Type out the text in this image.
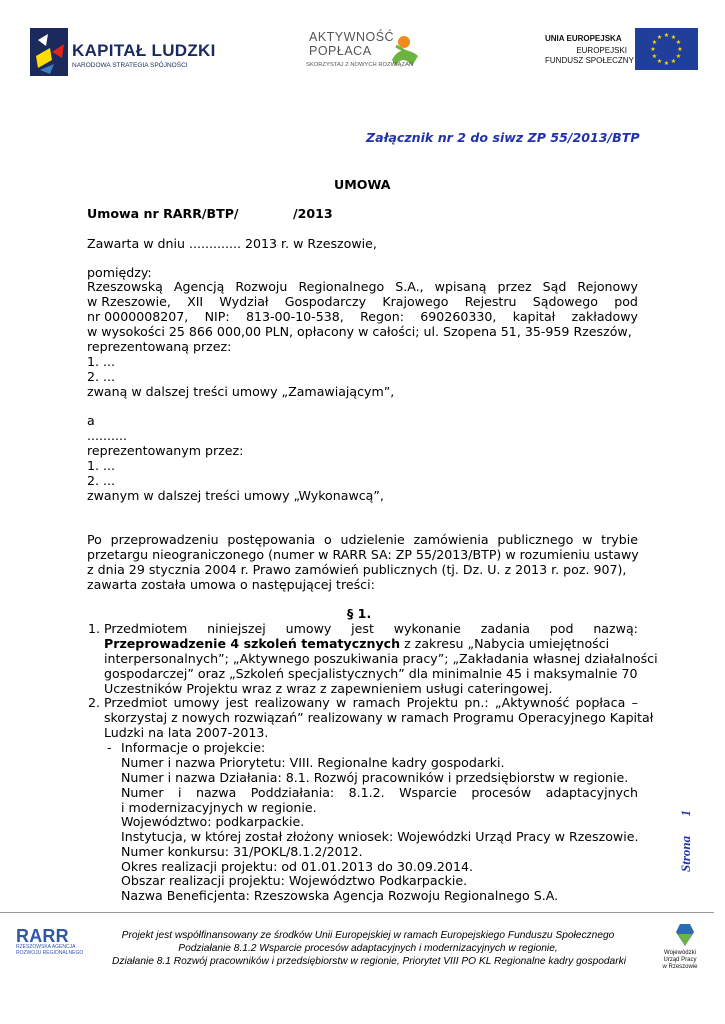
KAPITAŁ LUDZKI
NARODOWA STRATEGIA SPÓJNOŚCI
AKTYWNOŚĆ
POPŁACA
SKORZYSTAJ Z NOWYCH ROZWIĄZAŃ
UNIA EUROPEJSKA
EUROPEJSKI
FUNDUSZ SPOŁECZNY
★ ★
★
★
★
★
★
★
★
★
★
★
Załącznik nr 2 do siwz ZP 55/2013/BTP
UMOWA
Umowa nr RARR/BTP/	/2013
Zawarta w dniu ............. 2013 r. w Rzeszowie,
pomiędzy:
Rzeszowską Agencją Rozwoju Regionalnego S.A., wpisaną przez Sąd Rejonowy
w Rzeszowie, XII Wydział Gospodarczy Krajowego Rejestru Sądowego pod
nr 0000008207, NIP: 813-00-10-538, Regon: 690260330, kapitał zakładowy
w wysokości 25 866 000,00 PLN, opłacony w całości; ul. Szopena 51, 35-959 Rzeszów,
reprezentowaną przez:
1. ...
2. ...
zwaną w dalszej treści umowy „Zamawiającym”,
a
..........
reprezentowanym przez:
1. ...
2. ...
zwanym w dalszej treści umowy „Wykonawcą”,
Po przeprowadzeniu postępowania o udzielenie zamówienia publicznego w trybie
przetargu nieograniczonego (numer w RARR SA: ZP 55/2013/BTP) w rozumieniu ustawy
z dnia 29 stycznia 2004 r. Prawo zamówień publicznych (tj. Dz. U. z 2013 r. poz. 907),
zawarta została umowa o następującej treści:
§ 1.
1. Przedmiotem niniejszej umowy jest wykonanie zadania pod nazwą:
Przeprowadzenie 4 szkoleń tematycznych z zakresu „Nabycia umiejętności
interpersonalnych”; „Aktywnego poszukiwania pracy”; „Zakładania własnej działalności
gospodarczej” oraz „Szkoleń specjalistycznych” dla minimalnie 45 i maksymalnie 70
Uczestników Projektu wraz z wraz z zapewnieniem usługi cateringowej.
2. Przedmiot umowy jest realizowany w ramach Projektu pn.: „Aktywność popłaca –
skorzystaj z nowych rozwiązań” realizowany w ramach Programu Operacyjnego Kapitał
Ludzki na lata 2007-2013.
- Informacje o projekcie:
Numer i nazwa Priorytetu: VIII. Regionalne kadry gospodarki.
Numer i nazwa Działania: 8.1. Rozwój pracowników i przedsiębiorstw w regionie.
Numer i nazwa Poddziałania: 8.1.2. Wsparcie procesów adaptacyjnych
i modernizacyjnych w regionie.
Województwo: podkarpackie.
Instytucja, w której został złożony wniosek: Wojewódzki Urząd Pracy w Rzeszowie.
Numer konkursu: 31/POKL/8.1.2/2012.
Okres realizacji projektu: od 01.01.2013 do 30.09.2014.
Obszar realizacji projektu: Województwo Podkarpackie.
Nazwa Beneficjenta: Rzeszowska Agencja Rozwoju Regionalnego S.A.
Strona      1
RARR
RZESZOWSKA AGENCJA
ROZWOJU REGIONALNEGO
Projekt jest współfinansowany ze środków Unii Europejskiej w ramach Europejskiego Funduszu Społecznego
Podziałanie 8.1.2 Wsparcie procesów adaptacyjnych i modernizacyjnych w regionie,
Działanie 8.1 Rozwój pracowników i przedsiębiorstw w regionie, Priorytet VIII PO KL Regionalne kadry gospodarki
Wojewódzki
Urząd Pracy
w Rzeszowie
